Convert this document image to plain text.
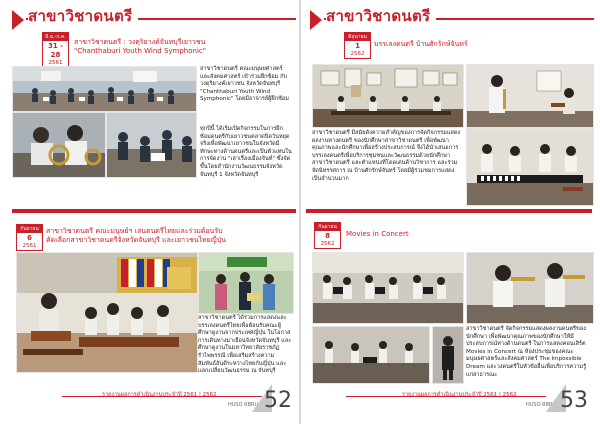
สาขาวิชาดนตรี
มิ.ย.-ก.ค.
31 - 28
2561
สาขาวิชาดนตรี : วงดุริยางค์จันทบุรีเยาวชน
"Chanthaburi Youth Wind Symphonic"
สาขาวิชาดนตรี คณะมนุษยศาสตร์และสังคมศาสตร์ เข้าร่วมฝึกซ้อม กับวงดุริยางค์เยาวชน จังหวัดจันทบุรี "Chanthaburi Youth Wind Symphonic" โดยมีอาจารย์ผู้ฝึกซ้อม
ทุกปีนี้ ได้เริ่มเปิดกิจกรรมในการฝึกซ้อมดนตรีกับเยาวชนตลาดปิดวันหยุดจริงเพื่อพัฒนาเยาวชนในจังหวัดมีทักษะทางด้านดนตรีและเป็นตัวแทนในการจัดงาน "เล่าเรื่องเมืองจันท์" ซึ่งจัดขึ้นโดยสำนักงานวัฒนธรรมจังหวัดจันทบุรี 1 จังหวัดจันทบุรี
กันยายน
6
2561
สาขาวิชาดนตรี คณะมนุษย์ฯ เล่นดนตรีไทยและร่วมต้อนรับ
คัดเลือกสาขาวิชาดนตรีจังหวัดจันทบุรี และเยาวชนไทยญี่ปุ่น
สาขาวิชาดนตรี ได้ร่วมการแสดงและบรรเลงดนตรีไทยเพื่อต้อนรับคณะผู้ศึกษาดูงานจากประเทศญี่ปุ่น ในโอกาสการเดินทางมาเยือนจังหวัดจันทบุรี และศึกษาดูงานในมหาวิทยาลัยราชภัฏรำไพพรรณี เพื่อเสริมสร้างความสัมพันธ์อันดีระหว่างไทยกับญี่ปุ่น และแลกเปลี่ยนวัฒนธรรม ณ จันทบุรี
รายงานผลการดำเนินงานประจำปี 2561 | 2562
HUSO RBRU 52
สาขาวิชาดนตรี
มิถุนายน
1
2562
บรรเลงดนตรี บ้านศักรักษ์จันทร์
สาขาวิชาดนตรี มีสมัยดังความสำคัญของการจัดกิจกรรมแสดงผลงานทางดนตรี ของนักศึกษาสาขาวิชาดนตรี เพื่อพัฒนาคุณภาพและนักศึกษาเพื่อสร้างประสบการณ์ จึงได้นำเสนอการบรรเลงดนตรีเพื่อบริการชุมชนและวัฒนธรรมด้วยนักศึกษาสาขาวิชาดนตรี และตำแหน่งที่โดดเด่นด้านวิชาการ และร่วมจัดนิทรรศการ ณ บ้านศักรักษ์จันทร์ โดยมีผู้ร่วมชมการแสดงเป็นจำนวนมาก
กันยายน
8
2562
Movies in Concert
สาขาวิชาดนตรี จัดกิจกรรมแสดงผลงานดนตรีของนักศึกษา เพื่อพัฒนาคุณภาพของนักศึกษาให้มีประสบการณ์ทางด้านดนตรี ในการแสดงคอนเสิร์ต Movies in Concert ณ ห้องประชุมของคณะมนุษยศาสตร์และสังคมศาสตร์ The Impossible Dream และวงดนตรีในหัวข้ออื่นเพื่อบริการความรู้แก่สาธารณะ
รายงานผลการดำเนินงานประจำปี 2561 | 2562
HUSO RBRU 53
